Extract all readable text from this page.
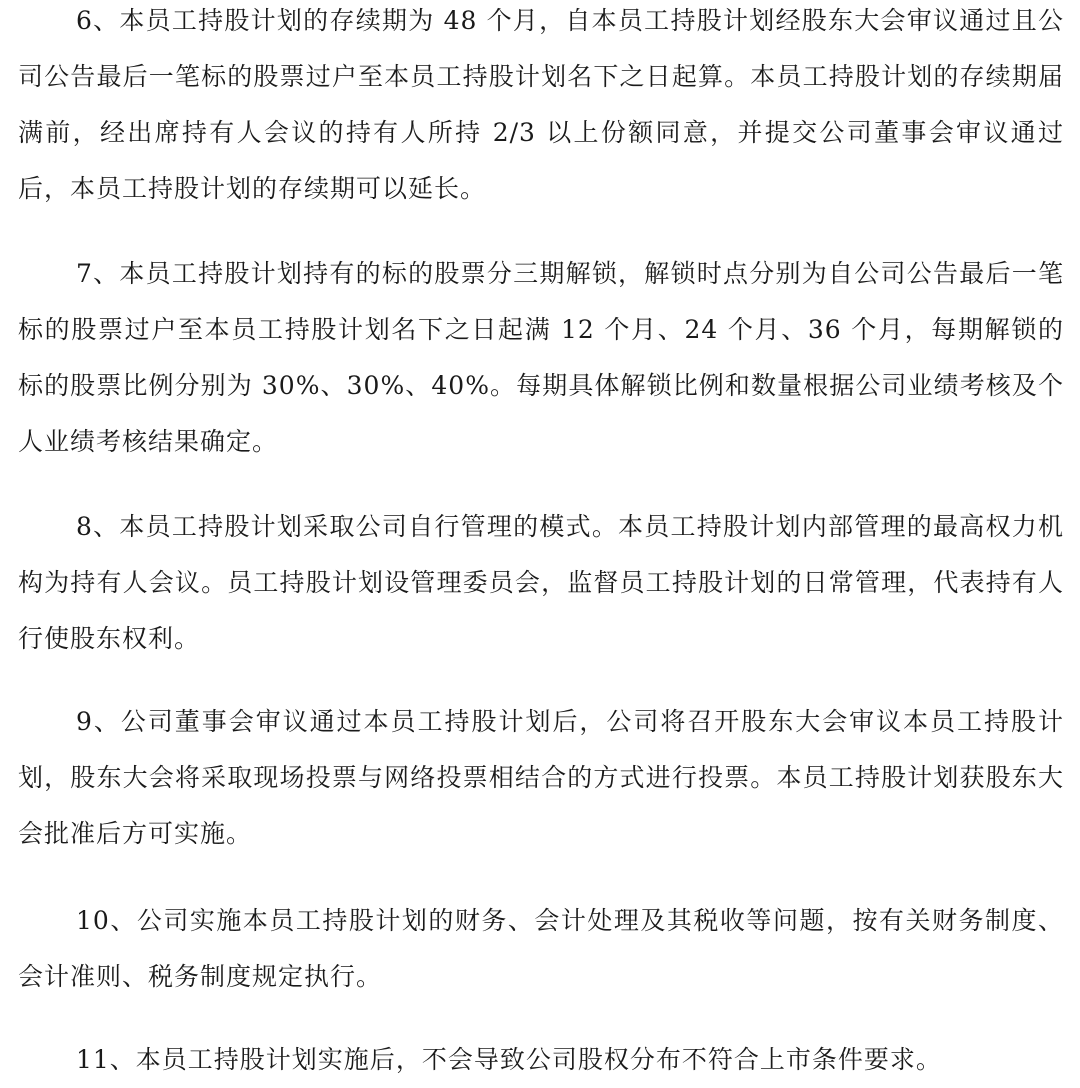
6、本员工持股计划的存续期为 48 个月，自本员工持股计划经股东大会审议通过且公司公告最后一笔标的股票过户至本员工持股计划名下之日起算。本员工持股计划的存续期届满前，经出席持有人会议的持有人所持 2/3 以上份额同意，并提交公司董事会审议通过后，本员工持股计划的存续期可以延长。

7、本员工持股计划持有的标的股票分三期解锁，解锁时点分别为自公司公告最后一笔标的股票过户至本员工持股计划名下之日起满 12 个月、24 个月、36 个月，每期解锁的标的股票比例分别为 30%、30%、40%。每期具体解锁比例和数量根据公司业绩考核及个人业绩考核结果确定。

8、本员工持股计划采取公司自行管理的模式。本员工持股计划内部管理的最高权力机构为持有人会议。员工持股计划设管理委员会，监督员工持股计划的日常管理，代表持有人行使股东权利。

9、公司董事会审议通过本员工持股计划后，公司将召开股东大会审议本员工持股计划，股东大会将采取现场投票与网络投票相结合的方式进行投票。本员工持股计划获股东大会批准后方可实施。

10、公司实施本员工持股计划的财务、会计处理及其税收等问题，按有关财务制度、会计准则、税务制度规定执行。

11、本员工持股计划实施后，不会导致公司股权分布不符合上市条件要求。
